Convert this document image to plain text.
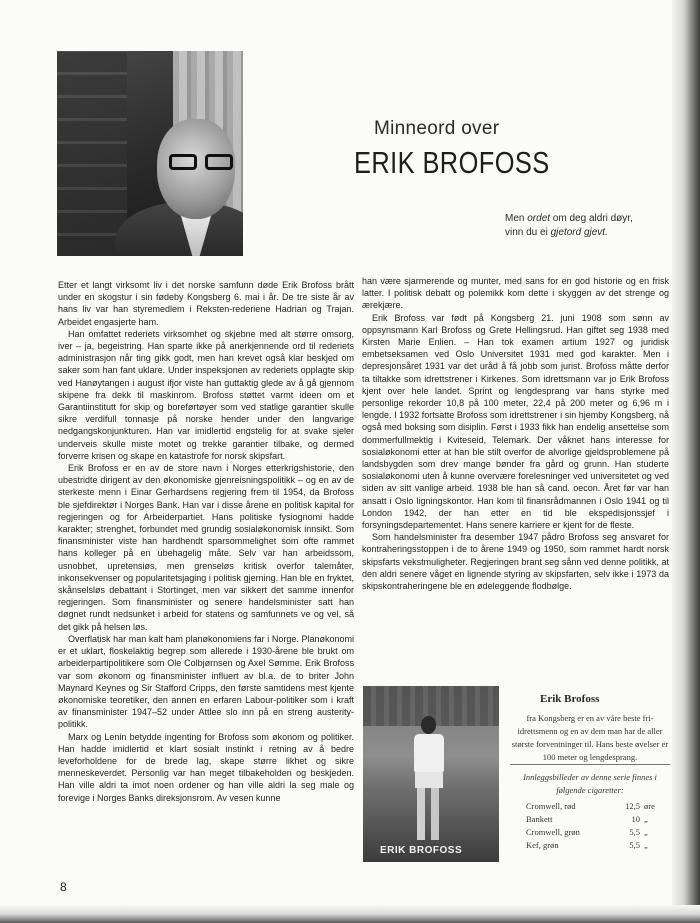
Minneord over
ERIK BROFOSS
Men ordet om deg aldri døyr,
vinn du ei gjetord gjevt.

Etter et langt virksomt liv i det norske samfunn døde Erik Brofoss brått under en skogstur i sin fødeby Kongsberg 6. mai i år. De tre siste år av hans liv var han styremedlem i Reksten-rederiene Hadrian og Trajan. Arbeidet engasjerte ham.

Han omfattet rederiets virksomhet og skjebne med alt større omsorg, iver – ja, begeistring. Han sparte ikke på anerkjennende ord til rederiets administrasjon når ting gikk godt, men han krevet også klar beskjed om saker som han fant uklare. Under inspeksjonen av rederiets opplagte skip ved Hanøytangen i august ifjor viste han guttaktig glede av å gå gjennom skipene fra dekk til maskinrom. Brofoss støttet varmt ideen om et Garantiinstitutt for skip og boreførtøyer som ved statlige garantier skulle sikre verdifull tonnasje på norske hender under den langvarige nedgangskonjunkturen. Han var imidlertid engstelig for at svake sjeler underveis skulle miste motet og trekke garantier tilbake, og dermed forverre krisen og skape en katastrofe for norsk skipsfart.

Erik Brofoss er en av de store navn i Norges etterkrigshistorie, den ubestridte dirigent av den økonomiske gjenreisningspolitikk – og en av de sterkeste menn i Einar Gerhardsens regjering frem til 1954, da Brofoss ble sjefdirektør i Norges Bank. Han var i disse årene en politisk kapital for regjeringen og for Arbeiderpartiet. Hans politiske fysiognomi hadde karakter; strenghet, forbundet med grundig sosialøkonomisk innsikt. Som finansminister viste han hardhendt sparsommelighet som ofte rammet hans kolleger på en ubehagelig måte. Selv var han arbeidssom, usnobbet, upretensiøs, men grenseløs kritisk overfor talemåter, inkonsekvenser og popularitetsjaging i politisk gjerning. Han ble en fryktet, skånselsløs debattant i Stortinget, men var sikkert det samme innenfor regjeringen. Som finansminister og senere handelsminister satt han døgnet rundt nedsunket i arbeid for statens og samfunnets ve og vel, så det gikk på helsen løs.

Overflatisk har man kalt ham planøkonomiens far i Norge. Planøkonomi er et uklart, floskelaktig begrep som allerede i 1930-årene ble brukt om arbeiderpartipolitikere som Ole Colbjørnsen og Axel Sømme. Erik Brofoss var som økonom og finansminister influert av bl.a. de to briter John Maynard Keynes og Sir Stafford Cripps, den første samtidens mest kjente økonomiske teoretiker, den annen en erfaren Labour-politiker som i kraft av finansminister 1947–52 under Attlee slo inn på en streng austerity-politikk.

Marx og Lenin betydde ingenting for Brofoss som økonom og politiker. Han hadde imidlertid et klart sosialt instinkt i retning av å bedre leveforholdene for de brede lag, skape større likhet og sikre menneskeverdet. Personlig var han meget tilbakeholden og beskjeden. Han ville aldri ta imot noen ordener og han ville aldri la seg male og forevige i Norges Banks direksjonsrom. Av vesen kunne

han være sjarmerende og munter, med sans for en god historie og en frisk latter. I politisk debatt og polemikk kom dette i skyggen av det strenge og ærekjære.

Erik Brofoss var født på Kongsberg 21. juni 1908 som sønn av oppsynsmann Karl Brofoss og Grete Hellingsrud. Han giftet seg 1938 med Kirsten Marie Enlien. – Han tok examen artium 1927 og juridisk embetseksamen ved Oslo Universitet 1931 med god karakter. Men i depresjonsåret 1931 var det uråd å få jobb som jurist. Brofoss måtte derfor ta tiltakke som idrettstrener i Kirkenes. Som idrettsmann var jo Erik Brofoss kjent over hele landet. Sprint og lengdesprang var hans styrke med personlige rekorder 10,8 på 100 meter, 22,4 på 200 meter og 6,96 m i lengde. I 1932 fortsatte Brofoss som idrettstrener i sin hjemby Kongsberg, nå også med boksing som disiplin. Først i 1933 fikk han endelig ansettelse som dommerfullmektig i Kviteseid, Telemark. Der våknet hans interesse for sosialøkonomi etter at han ble stilt overfor de alvorlige gjeldsproblemene på landsbygden som drev mange bønder fra gård og grunn. Han studerte sosialøkonomi uten å kunne overvære forelesninger ved universitetet og ved siden av sitt vanlige arbeid. 1938 ble han så cand. oecon. Året før var han ansatt i Oslo ligningskontor. Han kom til finansrådmannen i Oslo 1941 og til London 1942, der han etter en tid ble ekspedisjonssjef i forsyningsdepartementet. Hans senere karriere er kjent for de fleste.

Som handelsminister fra desember 1947 pådro Brofoss seg ansvaret for kontraheringsstoppen i de to årene 1949 og 1950, som rammet hardt norsk skipsfarts vekstmuligheter. Regjeringen brant seg sånn ved denne politikk, at den aldri senere våget en lignende styring av skipsfarten, selv ikke i 1973 da skipskontraheringene ble en ødeleggende flodbølge.

ERIK BROFOSS
Erik Brofoss
fra Kongsberg er en av våre beste fri-idrettsmenn og en av dem man har de aller største forventninger til. Hans beste øvelser er 100 meter og lengdesprang.
Innleggsbilleder av denne serie finnes i følgende cigaretter:
Cromwell, rød	12,5	øre
Bankett	10	„
Cromwell, grøn	5,5	„
Kef, grøn	5,5	„
8
